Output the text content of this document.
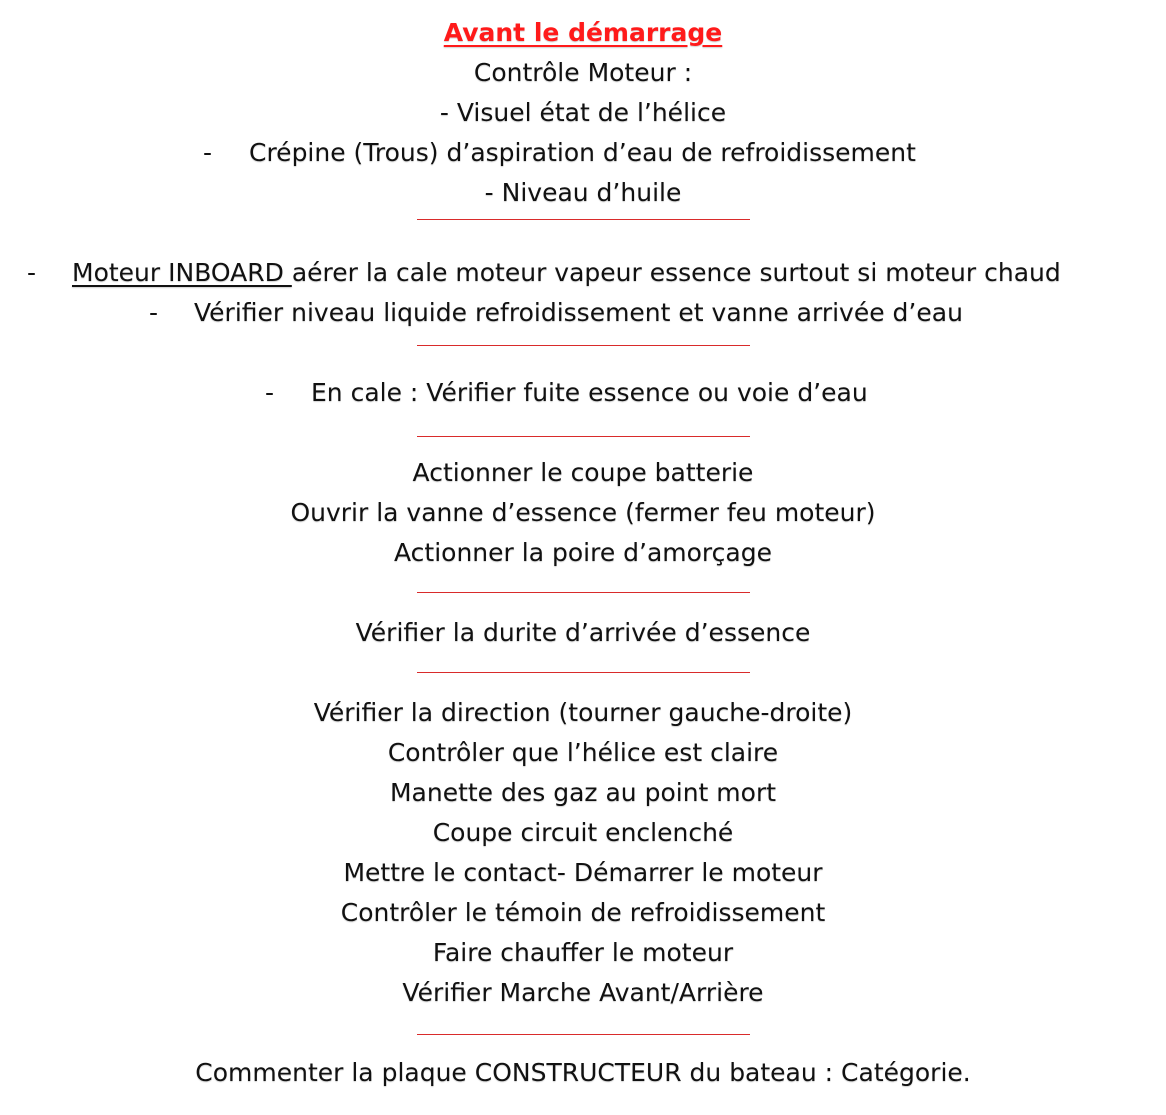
Avant le démarrage
Contrôle Moteur :
- Visuel état de l’hélice
- Crépine (Trous) d’aspiration d’eau de refroidissement
- Niveau d’huile
- Moteur INBOARD aérer la cale moteur vapeur essence surtout si moteur chaud
- Vérifier niveau liquide refroidissement et vanne arrivée d’eau
- En cale : Vérifier fuite essence ou voie d’eau
Actionner le coupe batterie
Ouvrir la vanne d’essence (fermer feu moteur)
Actionner la poire d’amorçage
Vérifier la durite d’arrivée d’essence
Vérifier la direction (tourner gauche-droite)
Contrôler que l’hélice est claire
Manette des gaz au point mort
Coupe circuit enclenché
Mettre le contact- Démarrer le moteur
Contrôler le témoin de refroidissement
Faire chauffer le moteur
Vérifier Marche Avant/Arrière
Commenter la plaque CONSTRUCTEUR du bateau : Catégorie.
